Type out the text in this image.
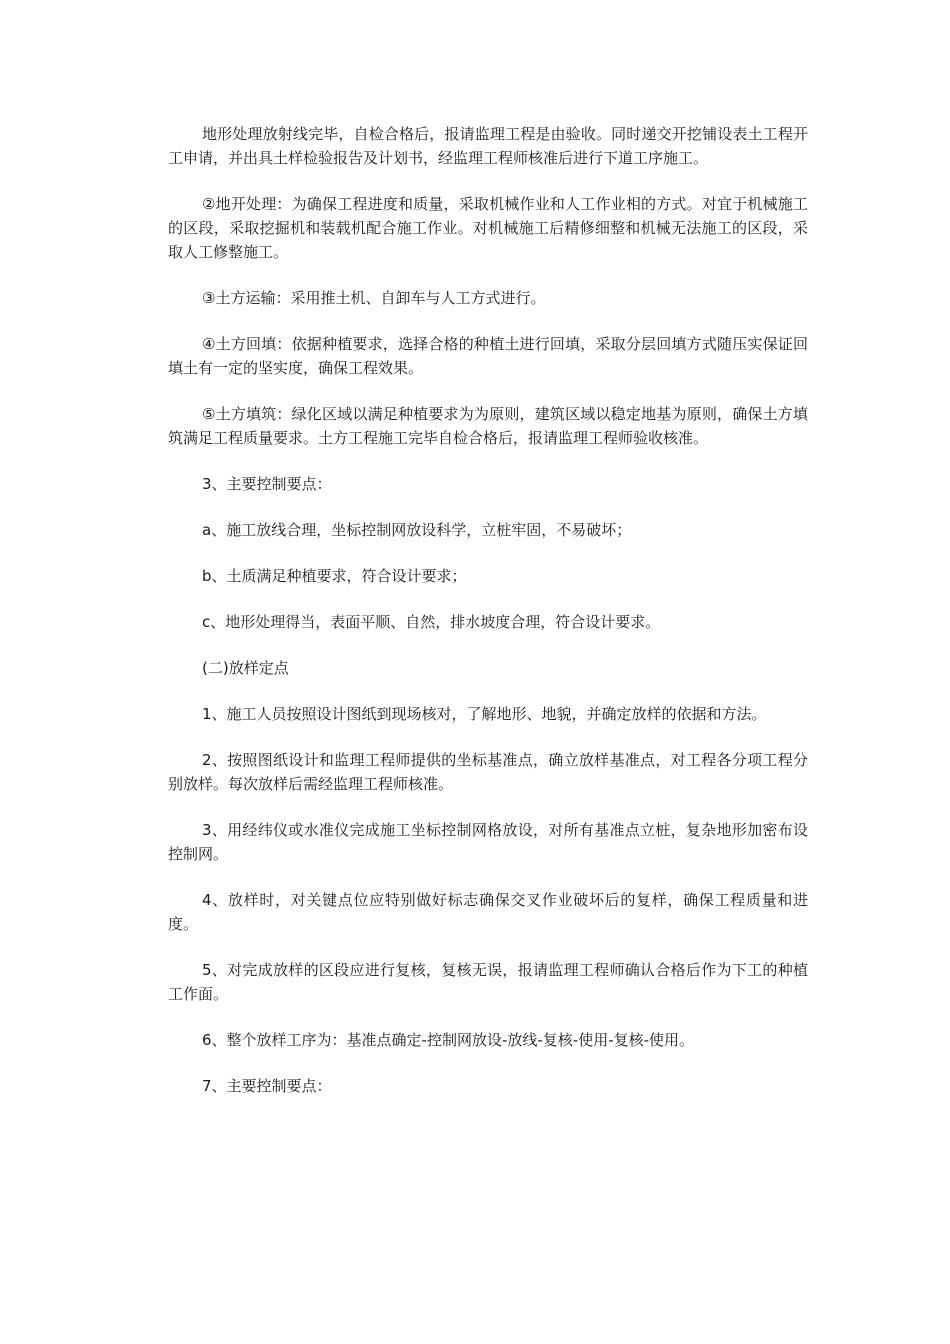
地形处理放射线完毕，自检合格后，报请监理工程是由验收。同时递交开挖铺设表土工程开工申请，并出具土样检验报告及计划书，经监理工程师核准后进行下道工序施工。

②地开处理：为确保工程进度和质量，采取机械作业和人工作业相的方式。对宜于机械施工的区段，采取挖掘机和装载机配合施工作业。对机械施工后精修细整和机械无法施工的区段，采取人工修整施工。

③土方运输：采用推土机、自卸车与人工方式进行。

④土方回填：依据种植要求，选择合格的种植土进行回填，采取分层回填方式随压实保证回填土有一定的坚实度，确保工程效果。

⑤土方填筑：绿化区域以满足种植要求为为原则，建筑区域以稳定地基为原则，确保土方填筑满足工程质量要求。土方工程施工完毕自检合格后，报请监理工程师验收核准。

3、主要控制要点：

a、施工放线合理，坐标控制网放设科学，立桩牢固，不易破坏；

b、土质满足种植要求，符合设计要求；

c、地形处理得当，表面平顺、自然，排水坡度合理，符合设计要求。

(二)放样定点

1、施工人员按照设计图纸到现场核对，了解地形、地貌，并确定放样的依据和方法。

2、按照图纸设计和监理工程师提供的坐标基准点，确立放样基准点，对工程各分项工程分别放样。每次放样后需经监理工程师核准。

3、用经纬仪或水准仪完成施工坐标控制网格放设，对所有基准点立桩，复杂地形加密布设控制网。

4、放样时，对关键点位应特别做好标志确保交叉作业破坏后的复样，确保工程质量和进度。

5、对完成放样的区段应进行复核，复核无误，报请监理工程师确认合格后作为下工的种植工作面。

6、整个放样工序为：基准点确定-控制网放设-放线-复核-使用-复核-使用。

7、主要控制要点：
